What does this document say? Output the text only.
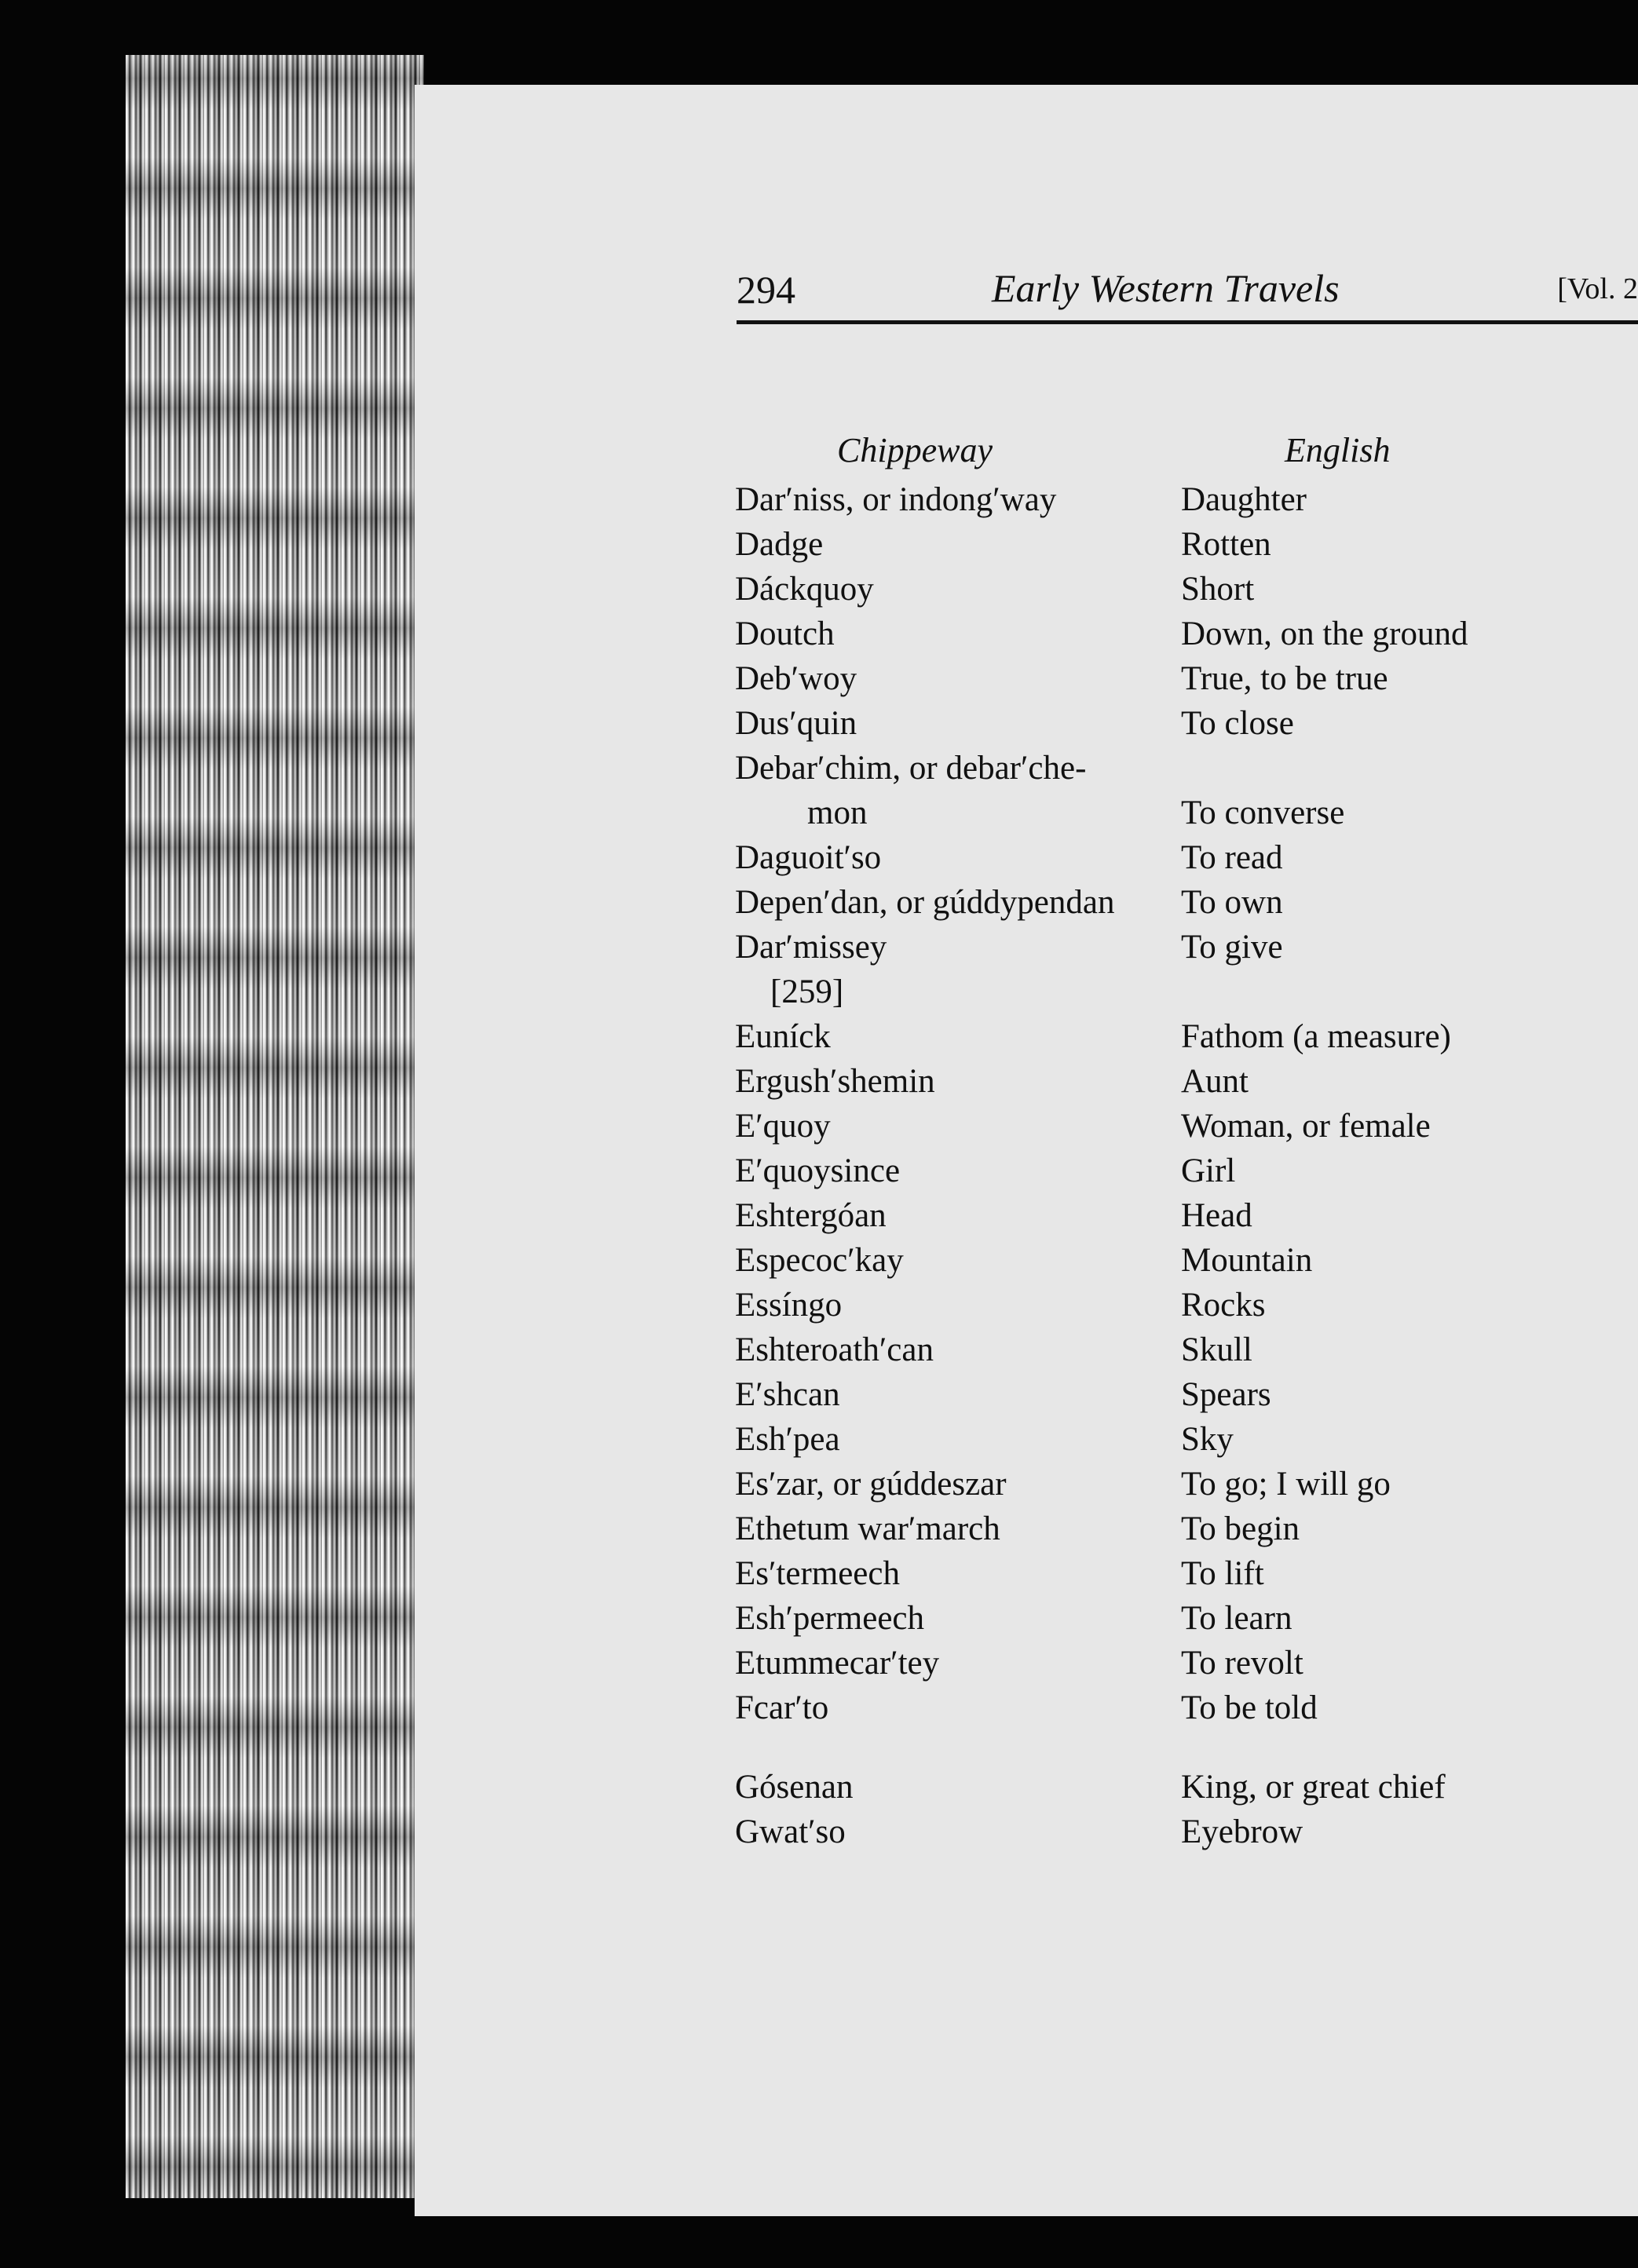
294	Early Western Travels	[Vol. 2
Chippeway	English
Dar′niss, or indong′way	Daughter
Dadge	Rotten
Dáckquoy	Short
Doutch	Down, on the ground
Deb′woy	True, to be true
Dus′quin	To close
Debar′chim, or debar′che-
mon	To converse
Daguoit′so	To read
Depen′dan, or gúddypendan To own
Dar′missey	To give
[259]
Euníck	Fathom (a measure)
Ergush′shemin	Aunt
E′quoy	Woman, or female
E′quoysince	Girl
Eshtergóan	Head
Especoc′kay	Mountain
Essíngo	Rocks
Eshteroath′can	Skull
E′shcan	Spears
Esh′pea	Sky
Es′zar, or gúddeszar	To go; I will go
Ethetum war′march	To begin
Es′termeech	To lift
Esh′permeech	To learn
Etummecar′tey	To revolt
Fcar′to	To be told
Gósenan	King, or great chief
Gwat′so	Eyebrow
